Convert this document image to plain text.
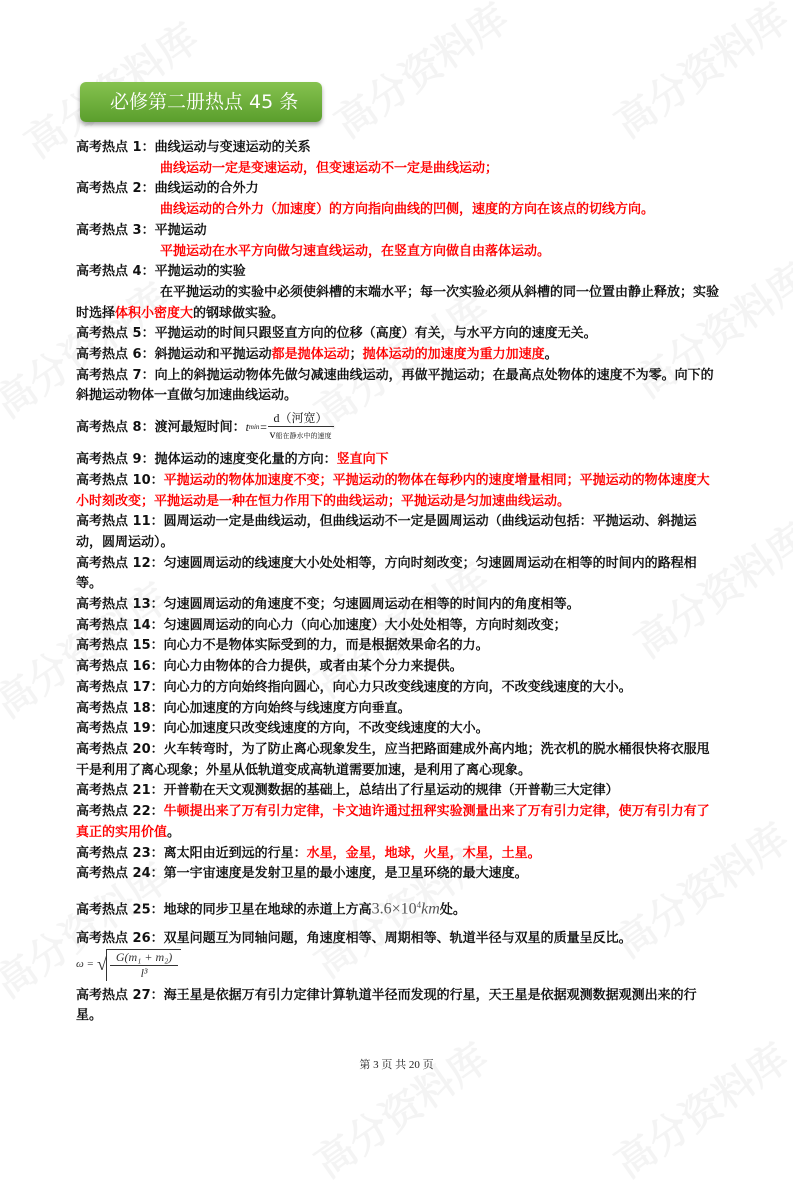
必修第二册热点 45 条
高考热点 1：曲线运动与变速运动的关系
曲线运动一定是变速运动，但变速运动不一定是曲线运动；
高考热点 2：曲线运动的合外力
曲线运动的合外力（加速度）的方向指向曲线的凹侧，速度的方向在该点的切线方向。
高考热点 3：平抛运动
平抛运动在水平方向做匀速直线运动，在竖直方向做自由落体运动。
高考热点 4：平抛运动的实验
在平抛运动的实验中必须使斜槽的末端水平；每一次实验必须从斜槽的同一位置由静止释放；实验时选择体积小密度大的钢球做实验。
高考热点 5：平抛运动的时间只跟竖直方向的位移（高度）有关，与水平方向的速度无关。
高考热点 6：斜抛运动和平抛运动都是抛体运动；抛体运动的加速度为重力加速度。
高考热点 7：向上的斜抛运动物体先做匀减速曲线运动，再做平抛运动；在最高点处物体的速度不为零。向下的斜抛运动物体一直做匀加速曲线运动。
高考热点 8：渡河最短时间： t $\min = \frac{\text{d（河宽）}}{\text{v船在静水中的速度}}$
高考热点 9：抛体运动的速度变化量的方向：竖直向下
高考热点 10：平抛运动的物体加速度不变；平抛运动的物体在每秒内的速度增量相同；平抛运动的物体速度大小时刻改变；平抛运动是一种在恒力作用下的曲线运动；平抛运动是匀加速曲线运动。
高考热点 11：圆周运动一定是曲线运动，但曲线运动不一定是圆周运动（曲线运动包括：平抛运动、斜抛运动，圆周运动）。
高考热点 12：匀速圆周运动的线速度大小处处相等，方向时刻改变；匀速圆周运动在相等的时间内的路程相等。
高考热点 13：匀速圆周运动的角速度不变；匀速圆周运动在相等的时间内的角度相等。
高考热点 14：匀速圆周运动的向心力（向心加速度）大小处处相等，方向时刻改变；
高考热点 15：向心力不是物体实际受到的力，而是根据效果命名的力。
高考热点 16：向心力由物体的合力提供，或者由某个分力来提供。
高考热点 17：向心力的方向始终指向圆心，向心力只改变线速度的方向，不改变线速度的大小。
高考热点 18：向心加速度的方向始终与线速度方向垂直。
高考热点 19：向心加速度只改变线速度的方向，不改变线速度的大小。
高考热点 20：火车转弯时，为了防止离心现象发生，应当把路面建成外高内地；洗衣机的脱水桶很快将衣服甩干是利用了离心现象；外星从低轨道变成高轨道需要加速，是利用了离心现象。
高考热点 21：开普勒在天文观测数据的基础上，总结出了行星运动的规律（开普勒三大定律）
高考热点 22：牛顿提出来了万有引力定律，卡文迪许通过扭秤实验测量出来了万有引力定律，使万有引力有了真正的实用价值。
高考热点 23：离太阳由近到远的行星：水星，金星，地球，火星，木星，土星。
高考热点 24：第一宇宙速度是发射卫星的最小速度，是卫星环绕的最大速度。
高考热点 25：地球的同步卫星在地球的赤道上方高$3.6\times 10^4km$处。
高考热点 26：双星问题互为同轴问题，角速度相等、周期相等、轨道半径与双星的质量呈反比。
ω = √ $\frac{\text{G(m₁ + m₂)}}{\text{l³}}$
高考热点 27：海王星是依据万有引力定律计算轨道半径而发现的行星，天王星是依据观测数据观测出来的行星。
第 3 页 共 20 页
